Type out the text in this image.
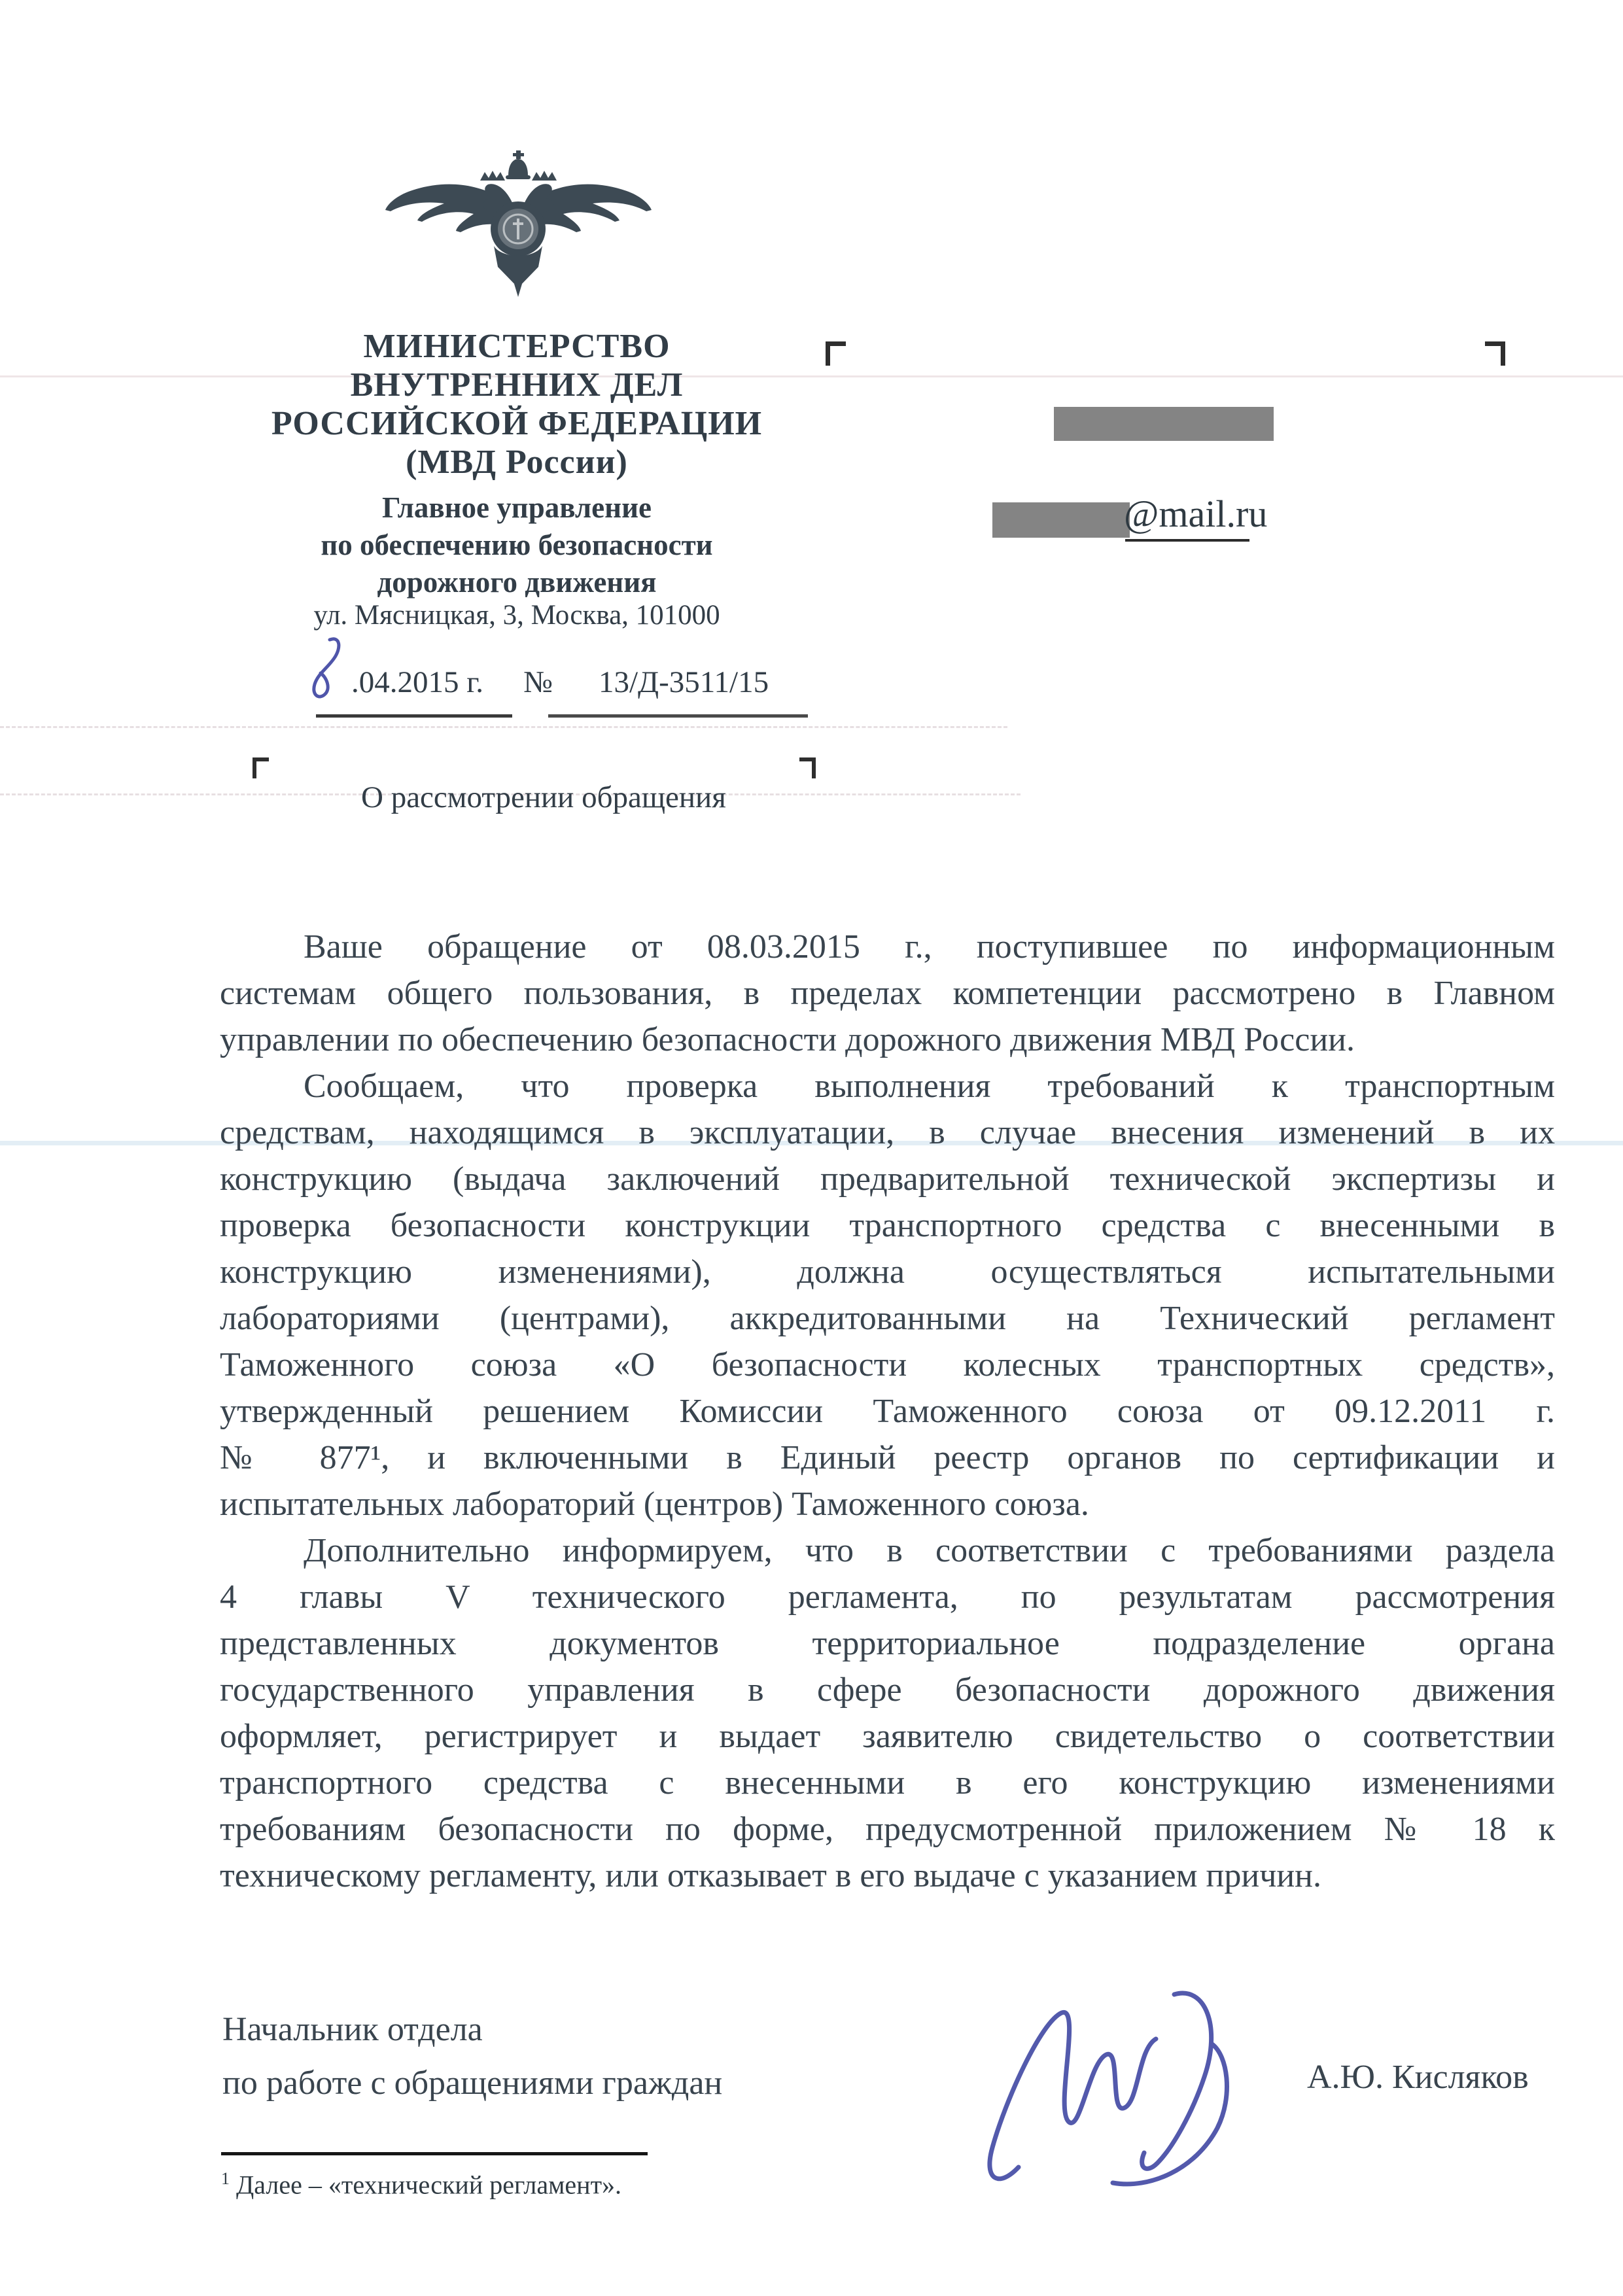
МИНИСТЕРСТВО
ВНУТРЕННИХ ДЕЛ
РОССИЙСКОЙ ФЕДЕРАЦИИ
(МВД России)
Главное управление
по обеспечению безопасности
дорожного движения
ул. Мясницкая, 3, Москва, 101000
.04.2015 г. № 13/Д-3511/15
@mail.ru
О рассмотрении обращения
Ваше обращение от 08.03.2015 г., поступившее по информационным
системам общего пользования, в пределах компетенции рассмотрено в Главном
управлении по обеспечению безопасности дорожного движения МВД России.
Сообщаем, что проверка выполнения требований к транспортным
средствам, находящимся в эксплуатации, в случае внесения изменений в их
конструкцию (выдача заключений предварительной технической экспертизы и
проверка безопасности конструкции транспортного средства с внесенными в
конструкцию изменениями), должна осуществляться испытательными
лабораториями (центрами), аккредитованными на Технический регламент
Таможенного союза «О безопасности колесных транспортных средств»,
утвержденный решением Комиссии Таможенного союза от 09.12.2011 г.
№ 877¹, и включенными в Единый реестр органов по сертификации и
испытательных лабораторий (центров) Таможенного союза.
Дополнительно информируем, что в соответствии с требованиями раздела
4 главы V технического регламента, по результатам рассмотрения
представленных документов территориальное подразделение органа
государственного управления в сфере безопасности дорожного движения
оформляет, регистрирует и выдает заявителю свидетельство о соответствии
транспортного средства с внесенными в его конструкцию изменениями
требованиям безопасности по форме, предусмотренной приложением № 18 к
техническому регламенту, или отказывает в его выдаче с указанием причин.
Начальник отдела
по работе с обращениями граждан	А.Ю. Кисляков
$^1$ Далее – «технический регламент».
